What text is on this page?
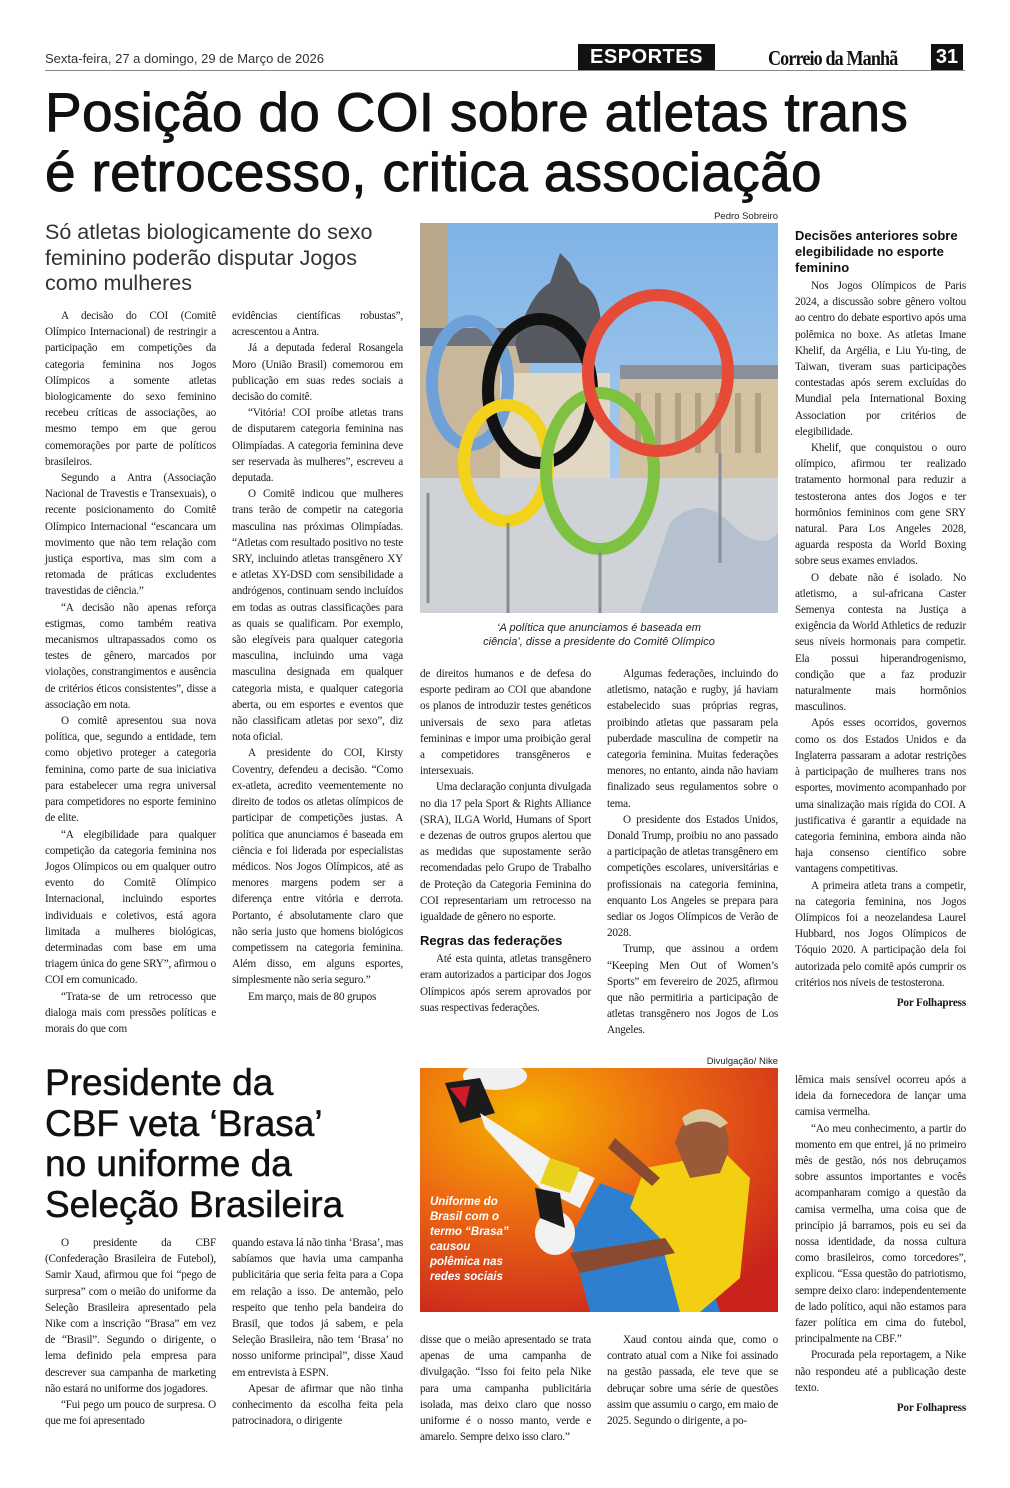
Sexta-feira, 27 a domingo, 29 de Março de 2026	ESPORTES	Correio da Manhã 31
Posição do COI sobre atletas trans
é retrocesso, critica associação
Só atletas biologicamente do sexo feminino poderão disputar Jogos como mulheres
Pedro Sobreiro
‘A política que anunciamos é baseada em
ciência’, disse a presidente do Comitê Olímpico

A decisão do COI (Comitê Olímpico Internacional) de restringir a participação em competições da categoria feminina nos Jogos Olímpicos a somente atletas biologicamente do sexo feminino recebeu críticas de associações, ao mesmo tempo em que gerou comemorações por parte de políticos brasileiros.

Segundo a Antra (Associação Nacional de Travestis e Transexuais), o recente posicionamento do Comitê Olímpico Internacional “escancara um movimento que não tem relação com justiça esportiva, mas sim com a retomada de práticas excludentes travestidas de ciência.”

“A decisão não apenas reforça estigmas, como também reativa mecanismos ultrapassados como os testes de gênero, marcados por violações, constrangimentos e ausência de critérios éticos consistentes”, disse a associação em nota.

O comitê apresentou sua nova política, que, segundo a entidade, tem como objetivo proteger a categoria feminina, como parte de sua iniciativa para estabelecer uma regra universal para competidores no esporte feminino de elite.

“A elegibilidade para qualquer competição da categoria feminina nos Jogos Olímpicos ou em qualquer outro evento do Comitê Olímpico Internacional, incluindo esportes individuais e coletivos, está agora limitada a mulheres biológicas, determinadas com base em uma triagem única do gene SRY”, afirmou o COI em comunicado.

“Trata-se de um retrocesso que dialoga mais com pressões políticas e morais do que com

evidências científicas robustas”, acrescentou a Antra.

Já a deputada federal Rosangela Moro (União Brasil) comemorou em publicação em suas redes sociais a decisão do comitê.

“Vitória! COI proíbe atletas trans de disputarem categoria feminina nas Olimpíadas. A categoria feminina deve ser reservada às mulheres”, escreveu a deputada.

O Comitê indicou que mulheres trans terão de competir na categoria masculina nas próximas Olimpíadas. “Atletas com resultado positivo no teste SRY, incluindo atletas transgênero XY e atletas XY-DSD com sensibilidade a andrógenos, continuam sendo incluídos em todas as outras classificações para as quais se qualificam. Por exemplo, são elegíveis para qualquer categoria masculina, incluindo uma vaga masculina designada em qualquer categoria mista, e qualquer categoria aberta, ou em esportes e eventos que não classificam atletas por sexo”, diz nota oficial.

A presidente do COI, Kirsty Coventry, defendeu a decisão. “Como ex-atleta, acredito veementemente no direito de todos os atletas olímpicos de participar de competições justas. A política que anunciamos é baseada em ciência e foi liderada por especialistas médicos. Nos Jogos Olímpicos, até as menores margens podem ser a diferença entre vitória e derrota. Portanto, é absolutamente claro que não seria justo que homens biológicos competissem na categoria feminina. Além disso, em alguns esportes, simplesmente não seria seguro.”

Em março, mais de 80 grupos

de direitos humanos e de defesa do esporte pediram ao COI que abandone os planos de introduzir testes genéticos universais de sexo para atletas femininas e impor uma proibição geral a competidores transgêneros e intersexuais.

Uma declaração conjunta divulgada no dia 17 pela Sport & Rights Alliance (SRA), ILGA World, Humans of Sport e dezenas de outros grupos alertou que as medidas que supostamente serão recomendadas pelo Grupo de Trabalho de Proteção da Categoria Feminina do COI representariam um retrocesso na igualdade de gênero no esporte.

Regras das federações

Até esta quinta, atletas transgênero eram autorizados a participar dos Jogos Olímpicos após serem aprovados por suas respectivas federações.

Algumas federações, incluindo do atletismo, natação e rugby, já haviam estabelecido suas próprias regras, proibindo atletas que passaram pela puberdade masculina de competir na categoria feminina. Muitas federações menores, no entanto, ainda não haviam finalizado seus regulamentos sobre o tema.

O presidente dos Estados Unidos, Donald Trump, proibiu no ano passado a participação de atletas transgênero em competições escolares, universitárias e profissionais na categoria feminina, enquanto Los Angeles se prepara para sediar os Jogos Olímpicos de Verão de 2028.

Trump, que assinou a ordem “Keeping Men Out of Women’s Sports” em fevereiro de 2025, afirmou que não permitiria a participação de atletas transgênero nos Jogos de Los Angeles.

Decisões anteriores sobre elegibilidade no esporte feminino

Nos Jogos Olímpicos de Paris 2024, a discussão sobre gênero voltou ao centro do debate esportivo após uma polêmica no boxe. As atletas Imane Khelif, da Argélia, e Liu Yu-ting, de Taiwan, tiveram suas participações contestadas após serem excluídas do Mundial pela International Boxing Association por critérios de elegibilidade.

Khelif, que conquistou o ouro olímpico, afirmou ter realizado tratamento hormonal para reduzir a testosterona antes dos Jogos e ter hormônios femininos com gene SRY natural. Para Los Angeles 2028, aguarda resposta da World Boxing sobre seus exames enviados.

O debate não é isolado. No atletismo, a sul-africana Caster Semenya contesta na Justiça a exigência da World Athletics de reduzir seus níveis hormonais para competir. Ela possui hiperandrogenismo, condição que a faz produzir naturalmente mais hormônios masculinos.

Após esses ocorridos, governos como os dos Estados Unidos e da Inglaterra passaram a adotar restrições à participação de mulheres trans nos esportes, movimento acompanhado por uma sinalização mais rígida do COI. A justificativa é garantir a equidade na categoria feminina, embora ainda não haja consenso científico sobre vantagens competitivas.

A primeira atleta trans a competir, na categoria feminina, nos Jogos Olímpicos foi a neozelandesa Laurel Hubbard, nos Jogos Olímpicos de Tóquio 2020. A participação dela foi autorizada pelo comitê após cumprir os critérios nos níveis de testosterona.

Por Folhapress

Presidente da
CBF veta ‘Brasa’
no uniforme da
Seleção Brasileira
Divulgação/ Nike
Uniforme do
Brasil com o
termo “Brasa”
causou
polêmica nas
redes sociais

O presidente da CBF (Confederação Brasileira de Futebol), Samir Xaud, afirmou que foi “pego de surpresa” com o meião do uniforme da Seleção Brasileira apresentado pela Nike com a inscrição “Brasa” em vez de “Brasil”. Segundo o dirigente, o lema definido pela empresa para descrever sua campanha de marketing não estará no uniforme dos jogadores.

“Fui pego um pouco de surpresa. O que me foi apresentado

quando estava lá não tinha ‘Brasa’, mas sabíamos que havia uma campanha publicitária que seria feita para a Copa em relação a isso. De antemão, pelo respeito que tenho pela bandeira do Brasil, que todos já sabem, e pela Seleção Brasileira, não tem ‘Brasa’ no nosso uniforme principal”, disse Xaud em entrevista à ESPN.

Apesar de afirmar que não tinha conhecimento da escolha feita pela patrocinadora, o dirigente

disse que o meião apresentado se trata apenas de uma campanha de divulgação. “Isso foi feito pela Nike para uma campanha publicitária isolada, mas deixo claro que nosso uniforme é o nosso manto, verde e amarelo. Sempre deixo isso claro.”

Xaud contou ainda que, como o contrato atual com a Nike foi assinado na gestão passada, ele teve que se debruçar sobre uma série de questões assim que assumiu o cargo, em maio de 2025. Segundo o dirigente, a po-

lêmica mais sensível ocorreu após a ideia da fornecedora de lançar uma camisa vermelha.

“Ao meu conhecimento, a partir do momento em que entrei, já no primeiro mês de gestão, nós nos debruçamos sobre assuntos importantes e vocês acompanharam comigo a questão da camisa vermelha, uma coisa que de princípio já barramos, pois eu sei da nossa identidade, da nossa cultura como brasileiros, como torcedores”, explicou. “Essa questão do patriotismo, sempre deixo claro: independentemente de lado político, aqui não estamos para fazer política em cima do futebol, principalmente na CBF.”

Procurada pela reportagem, a Nike não respondeu até a publicação deste texto.

Por Folhapress
